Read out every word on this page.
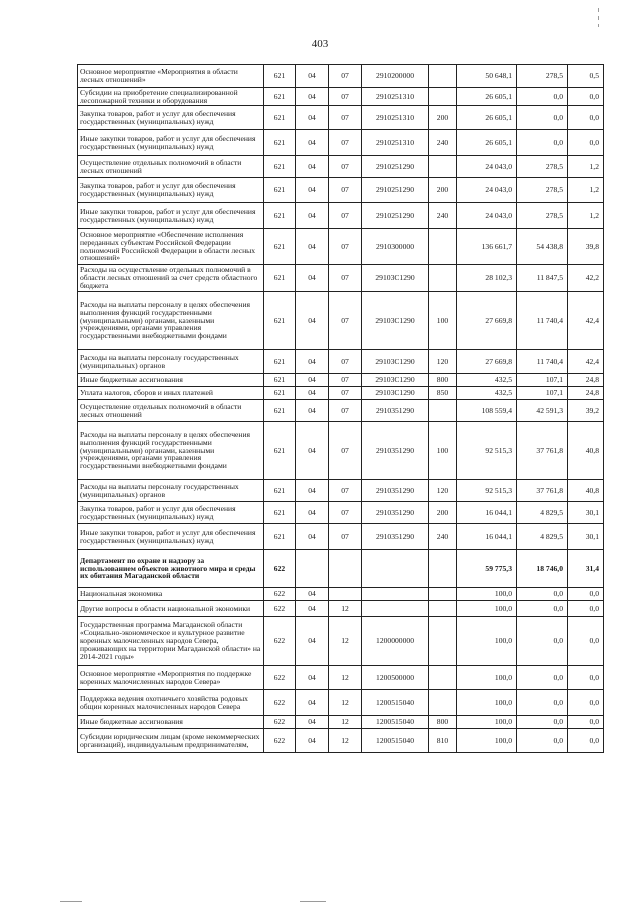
403
Основное мероприятие «Мероприятия в области лесных отношений»	621	04	07	2910200000		50 648,1	278,5	0,5
Субсидии на приобретение специализированной лесопожарной техники и оборудования	621	04	07	2910251310		26 605,1	0,0	0,0
Закупка товаров, работ и услуг для обеспечения государственных (муниципальных) нужд	621	04	07	2910251310	200	26 605,1	0,0	0,0
Иные закупки товаров, работ и услуг для обеспечения государственных (муниципальных) нужд	621	04	07	2910251310	240	26 605,1	0,0	0,0
Осуществление отдельных полномочий в области лесных отношений	621	04	07	2910251290		24 043,0	278,5	1,2
Закупка товаров, работ и услуг для обеспечения государственных (муниципальных) нужд	621	04	07	2910251290	200	24 043,0	278,5	1,2
Иные закупки товаров, работ и услуг для обеспечения государственных (муниципальных) нужд	621	04	07	2910251290	240	24 043,0	278,5	1,2
Основное мероприятие «Обеспечение исполнения переданных субъектам Российской Федерации полномочий Российской Федерации в области лесных отношений»	621	04	07	2910300000		136 661,7	54 438,8	39,8
Расходы на осуществление отдельных полномочий в области лесных отношений за счет средств областного бюджета	621	04	07	29103С1290		28 102,3	11 847,5	42,2
Расходы на выплаты персоналу в целях обеспечения выполнения функций государственными (муниципальными) органами, казенными учреждениями, органами управления государственными внебюджетными фондами	621	04	07	29103С1290	100	27 669,8	11 740,4	42,4
Расходы на выплаты персоналу государственных (муниципальных) органов	621	04	07	29103С1290	120	27 669,8	11 740,4	42,4
Иные бюджетные ассигнования	621	04	07	29103С1290	800	432,5	107,1	24,8
Уплата налогов, сборов и иных платежей	621	04	07	29103С1290	850	432,5	107,1	24,8
Осуществление отдельных полномочий в области лесных отношений	621	04	07	2910351290		108 559,4	42 591,3	39,2
Расходы на выплаты персоналу в целях обеспечения выполнения функций государственными (муниципальными) органами, казенными учреждениями, органами управления государственными внебюджетными фондами	621	04	07	2910351290	100	92 515,3	37 761,8	40,8
Расходы на выплаты персоналу государственных (муниципальных) органов	621	04	07	2910351290	120	92 515,3	37 761,8	40,8
Закупка товаров, работ и услуг для обеспечения государственных (муниципальных) нужд	621	04	07	2910351290	200	16 044,1	4 829,5	30,1
Иные закупки товаров, работ и услуг для обеспечения государственных (муниципальных) нужд	621	04	07	2910351290	240	16 044,1	4 829,5	30,1
Департамент по охране и надзору за использованием объектов животного мира и среды их обитания Магаданской области	622					59 775,3	18 746,0	31,4
Национальная экономика	622	04				100,0	0,0	0,0
Другие вопросы в области национальной экономики	622	04	12			100,0	0,0	0,0
Государственная программа Магаданской области «Социально-экономическое и культурное развитие коренных малочисленных народов Севера, проживающих на территории Магаданской области» на 2014-2021 годы»	622	04	12	1200000000		100,0	0,0	0,0
Основное мероприятие «Мероприятия по поддержке коренных малочисленных народов Севера»	622	04	12	1200500000		100,0	0,0	0,0
Поддержка ведения охотничьего хозяйства родовых общин коренных малочисленных народов Севера	622	04	12	1200515040		100,0	0,0	0,0
Иные бюджетные ассигнования	622	04	12	1200515040	800	100,0	0,0	0,0
Субсидии юридическим лицам (кроме некоммерческих организаций), индивидуальным предпринимателям,	622	04	12	1200515040	810	100,0	0,0	0,0
